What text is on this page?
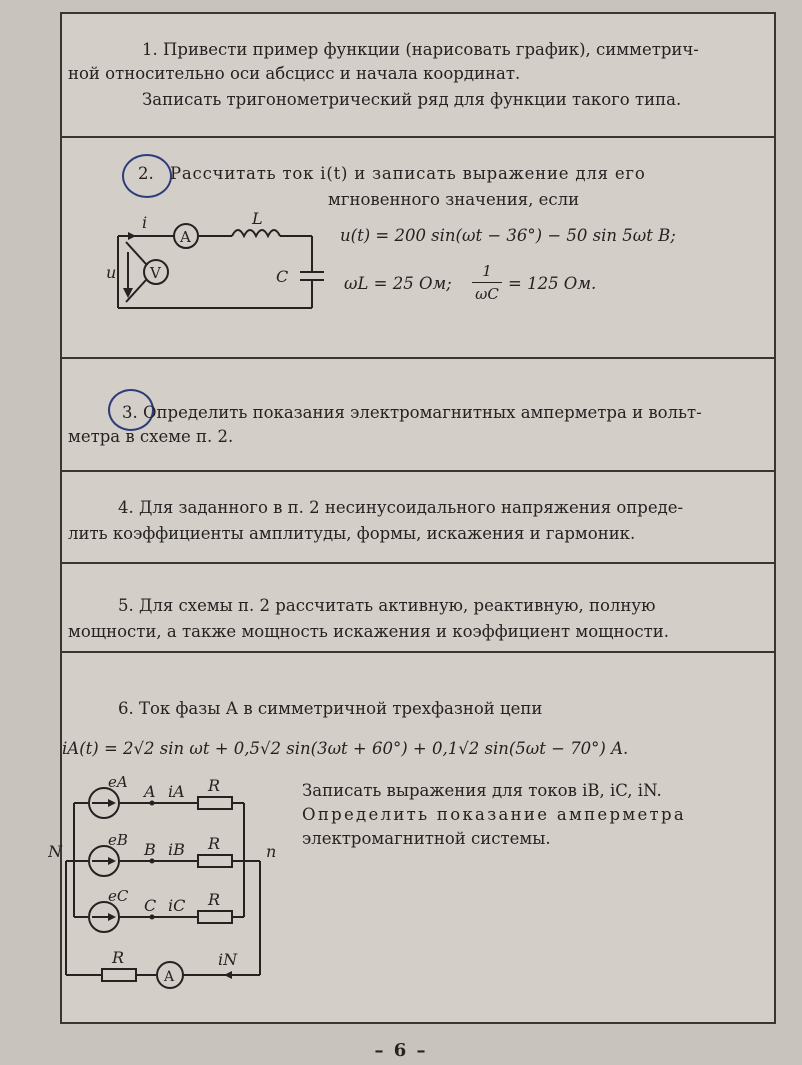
1. Привести пример функции (нарисовать график), симметрич-

ной относительно оси абсцисс и начала координат.

Записать тригонометрический ряд для функции такого типа.

2. Рассчитать ток i(t) и записать выражение для его

мгновенного значения, если

u(t) = 200 sin(ωt − 36°) − 50 sin 5ωt B;

ωL = 25 Ом; $\frac{1}{\omega C} = 125$ Ом.

i
A
V
L
C
u

3. Определить показания электромагнитных амперметра и вольт-

метра в схеме п. 2.

4. Для заданного в п. 2 несинусоидального напряжения опреде-

лить коэффициенты амплитуды, формы, искажения и гармоник.

5. Для схемы п. 2 рассчитать активную, реактивную, полную

мощности, а также мощность искажения и коэффициент мощности.

6. Ток фазы А в симметричной трехфазной цепи

iA(t) = 2√2 sin ωt + 0,5√2 sin(3ωt + 60°) + 0,1√2 sin(5ωt − 70°) A.

Записать выражения для токов iB, iC, iN.

Определить показание амперметра

электромагнитной системы.

eA
eB
eC
A
B
C
iA
iB
iC
R
R
R
R
N	n
A
iN
– 6 –
